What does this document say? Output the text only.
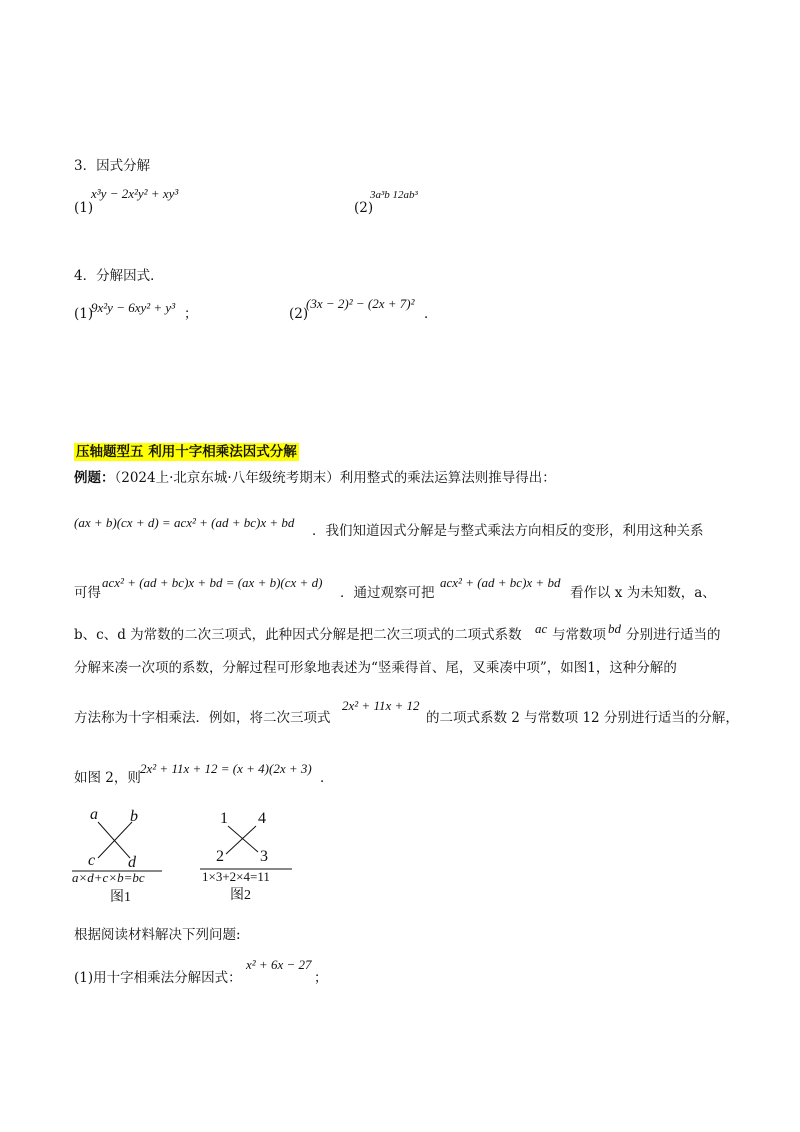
3．因式分解
(1)
x³y − 2x²y² + xy³
(2)
3a³b 12ab³
4．分解因式．
(1)
9x²y − 6xy² + y³ ；	(2)
(3x − 2)² − (2x + 7)²
．
压轴题型五 利用十字相乘法因式分解
例题：（2024上·北京东城·八年级统考期末）利用整式的乘法运算法则推导得出：
(ax + b)(cx + d) = acx² + (ad + bc)x + bd
．我们知道因式分解是与整式乘法方向相反的变形，利用这种关系
可得
acx² + (ad + bc)x + bd = (ax + b)(cx + d)
．通过观察可把
acx² + (ad + bc)x + bd
看作以 x 为未知数，a、
b、c、d 为常数的二次三项式，此种因式分解是把二次三项式的二项式系数 ac 与常数项 bd 分别进行适当的
分解来凑一次项的系数，分解过程可形象地表述为“竖乘得首、尾，叉乘凑中项”，如图1，这种分解的
方法称为十字相乘法．例如，将二次三项式
2x² + 11x + 12
的二项式系数 2 与常数项 12 分别进行适当的分解，
如图 2，则
2x² + 11x + 12 = (x + 4)(2x + 3)
．
a b
c d
a×d+c×b=bc
图1
1 4
2 3
1×3+2×4=11
图2
根据阅读材料解决下列问题:
(1)用十字相乘法分解因式：
x² + 6x − 27
；
